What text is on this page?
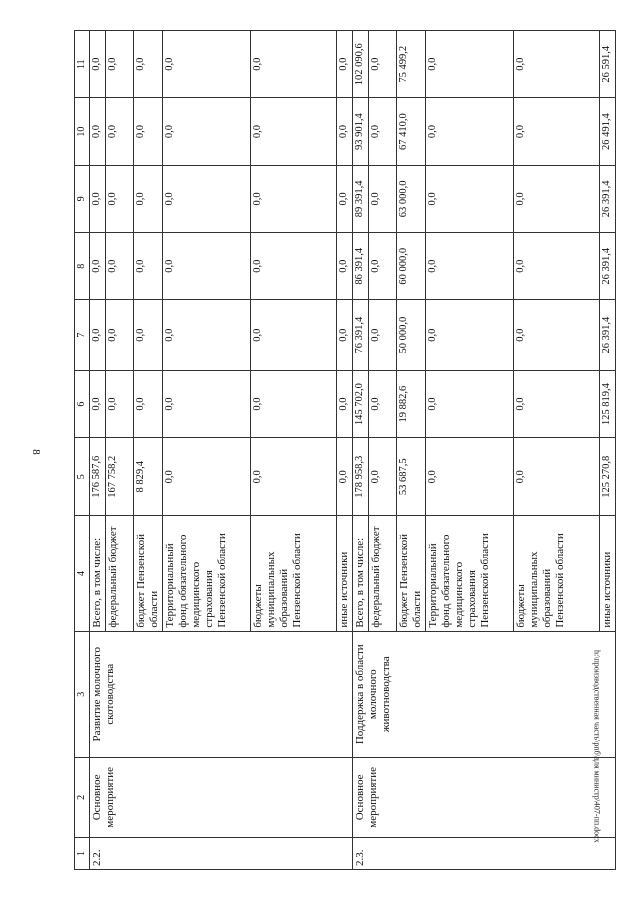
8
h:\производственная часть\рпб\для министр\407-пп.docx
1	2	3	4	5	6	7	8	9	10	11
2.2.	Основное мероприятие	Развитие молочного скотоводства	Всего, в том числе:	176 587,6	0,0	0,0	0,0	0,0	0,0	0,0
			федеральный бюджет	167 758,2	0,0	0,0	0,0	0,0	0,0	0,0
			бюджет Пензенской области	8 829,4	0,0	0,0	0,0	0,0	0,0	0,0
			Территориальный фонд обязательного медицинского страхования Пензенской области	0,0	0,0	0,0	0,0	0,0	0,0	0,0
			бюджеты муниципальных образований Пензенской области	0,0	0,0	0,0	0,0	0,0	0,0	0,0
			иные источники	0,0	0,0	0,0	0,0	0,0	0,0	0,0
2.3.	Основное мероприятие	Поддержка в области молочного животноводства	Всего, в том числе:	178 958,3	145 702,0	76 391,4	86 391,4	89 391,4	93 901,4	102 090,6
			федеральный бюджет	0,0	0,0	0,0	0,0	0,0	0,0	0,0
			бюджет Пензенской области	53 687,5	19 882,6	50 000,0	60 000,0	63 000,0	67 410,0	75 499,2
			Территориальный фонд обязательного медицинского страхования Пензенской области	0,0	0,0	0,0	0,0	0,0	0,0	0,0
			бюджеты муниципальных образований Пензенской области	0,0	0,0	0,0	0,0	0,0	0,0	0,0
			иные источники	125 270,8	125 819,4	26 391,4	26 391,4	26 391,4	26 491,4	26 591,4
